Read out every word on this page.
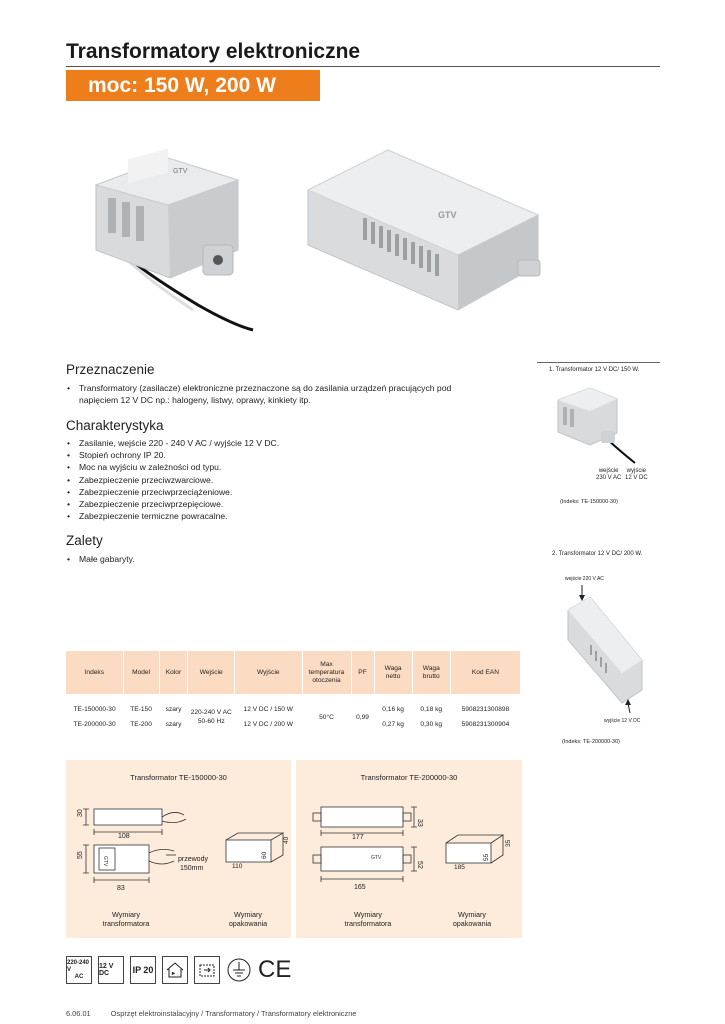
Transformatory elektroniczne
moc: 150 W, 200 W
GTV
GTV
Przeznaczenie
• Transformatory (zasilacze) elektroniczne przeznaczone są do zasilania urządzeń pracujących pod napięciem 12 V DC np.: halogeny, listwy, oprawy, kinkiety itp.
Charakterystyka
• Zasilanie, wejście 220 - 240 V AC / wyjście 12 V DC.
• Stopień ochrony IP 20.
• Moc na wyjściu w zależności od typu.
• Zabezpieczenie przeciwzwarciowe.
• Zabezpieczenie przeciwprzeciążeniowe.
• Zabezpieczenie przeciwprzepięciowe.
• Zabezpieczenie termiczne powracalne.
Zalety
• Małe gabaryty.
1. Transformator 12 V DC/ 150 W.
wejście
230 V AC
wyjście
12 V DC
(Indeks: TE-150000-30)
2. Transformator 12 V DC/ 200 W.
wejście 220 V AC
wyjście 12 V DC
(Indeks: TE-200000-30)
Indeks	Model	Kolor	Wejście	Wyjście	Max temperatura otoczenia	PF	Waga netto	Waga brutto	Kod EAN

TE-150000-30	TE-150	szary	220-240 V AC
50-60 Hz	12 V DC / 150 W	50°C	0,99	0,16 kg	0,18 kg	5908231300898
TE-200000-30	TE-200	szary		12 V DC / 200 W			0,27 kg	0,30 kg	5908231300904
Transformator TE-150000-30	Transformator TE-200000-30
30
108
55
83
GTV	przewody
150mm	110
60
40	177
33
52
165
GTV
185
55
35
Wymiary
transformatora
Wymiary
opakowania
Wymiary
transformatora
Wymiary
opakowania
220-240 V
AC
12 V DC	IP 20	▸	CE
6.06.01	Osprzęt elektroinstalacyjny / Transformatory / Transformatory elektroniczne
